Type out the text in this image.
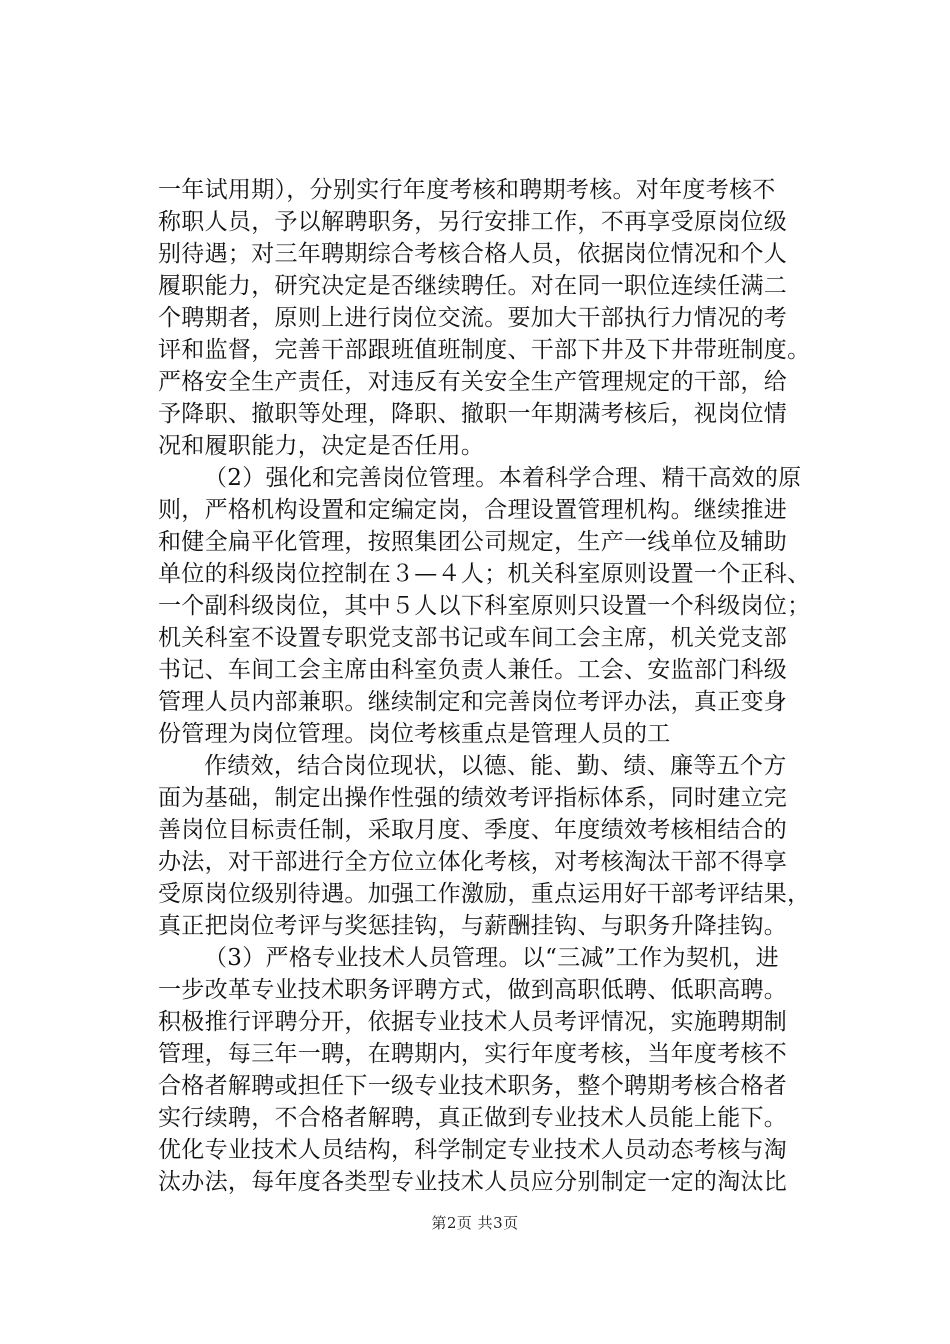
一年试用期），分别实行年度考核和聘期考核。对年度考核不
称职人员，予以解聘职务，另行安排工作，不再享受原岗位级
别待遇；对三年聘期综合考核合格人员，依据岗位情况和个人
履职能力，研究决定是否继续聘任。对在同一职位连续任满二
个聘期者，原则上进行岗位交流。要加大干部执行力情况的考
评和监督，完善干部跟班值班制度、干部下井及下井带班制度。
严格安全生产责任，对违反有关安全生产管理规定的干部，给
予降职、撤职等处理，降职、撤职一年期满考核后，视岗位情
况和履职能力，决定是否任用。
（2）强化和完善岗位管理。本着科学合理、精干高效的原
则，严格机构设置和定编定岗，合理设置管理机构。继续推进
和健全扁平化管理，按照集团公司规定，生产一线单位及辅助
单位的科级岗位控制在３—４人；机关科室原则设置一个正科、
一个副科级岗位，其中５人以下科室原则只设置一个科级岗位；
机关科室不设置专职党支部书记或车间工会主席，机关党支部
书记、车间工会主席由科室负责人兼任。工会、安监部门科级
管理人员内部兼职。继续制定和完善岗位考评办法，真正变身
份管理为岗位管理。岗位考核重点是管理人员的工
作绩效，结合岗位现状，以德、能、勤、绩、廉等五个方
面为基础，制定出操作性强的绩效考评指标体系，同时建立完
善岗位目标责任制，采取月度、季度、年度绩效考核相结合的
办法，对干部进行全方位立体化考核，对考核淘汰干部不得享
受原岗位级别待遇。加强工作激励，重点运用好干部考评结果，
真正把岗位考评与奖惩挂钩，与薪酬挂钩、与职务升降挂钩。
（3）严格专业技术人员管理。以“三减”工作为契机，进
一步改革专业技术职务评聘方式，做到高职低聘、低职高聘。
积极推行评聘分开，依据专业技术人员考评情况，实施聘期制
管理，每三年一聘，在聘期内，实行年度考核，当年度考核不
合格者解聘或担任下一级专业技术职务，整个聘期考核合格者
实行续聘，不合格者解聘，真正做到专业技术人员能上能下。
优化专业技术人员结构，科学制定专业技术人员动态考核与淘
汰办法，每年度各类型专业技术人员应分别制定一定的淘汰比
第2页 共3页
